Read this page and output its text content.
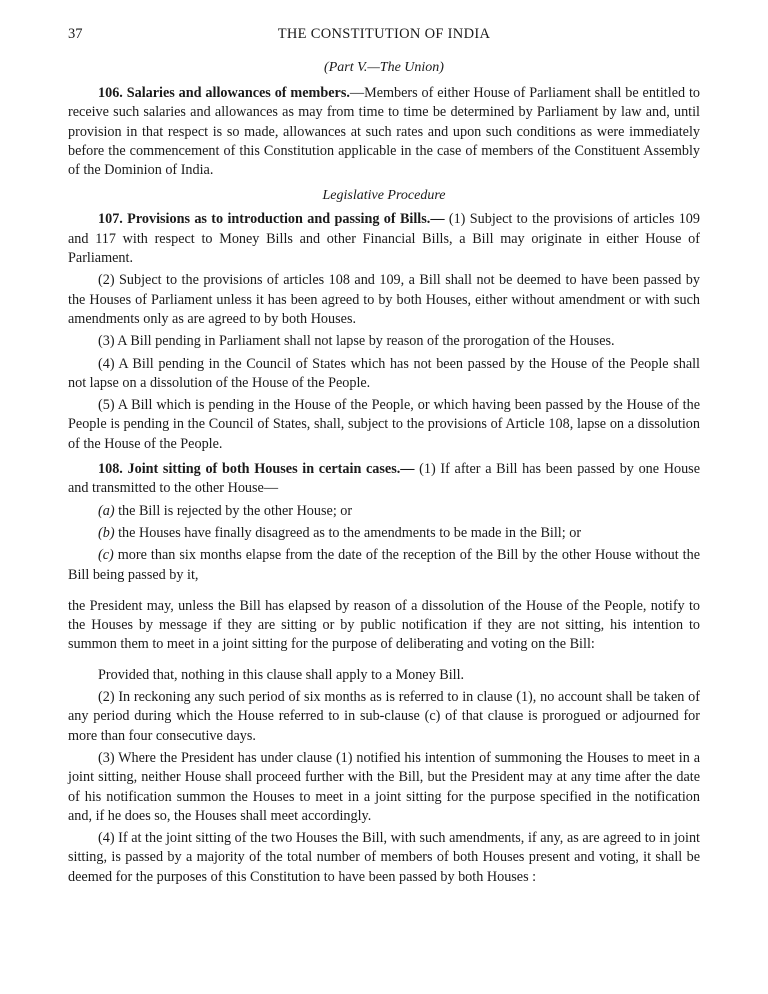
37	THE CONSTITUTION OF INDIA
(Part V.—The Union)

106. Salaries and allowances of members.—Members of either House of Parliament shall be entitled to receive such salaries and allowances as may from time to time be determined by Parliament by law and, until provision in that respect is so made, allowances at such rates and upon such conditions as were immediately before the commencement of this Constitution applicable in the case of members of the Constituent Assembly of the Dominion of India.

Legislative Procedure

107. Provisions as to introduction and passing of Bills.— (1) Subject to the provisions of articles 109 and 117 with respect to Money Bills and other Financial Bills, a Bill may originate in either House of Parliament.

(2) Subject to the provisions of articles 108 and 109, a Bill shall not be deemed to have been passed by the Houses of Parliament unless it has been agreed to by both Houses, either without amendment or with such amendments only as are agreed to by both Houses.

(3) A Bill pending in Parliament shall not lapse by reason of the prorogation of the Houses.

(4) A Bill pending in the Council of States which has not been passed by the House of the People shall not lapse on a dissolution of the House of the People.

(5) A Bill which is pending in the House of the People, or which having been passed by the House of the People is pending in the Council of States, shall, subject to the provisions of Article 108, lapse on a dissolution of the House of the People.

108. Joint sitting of both Houses in certain cases.— (1) If after a Bill has been passed by one House and transmitted to the other House—

(a) the Bill is rejected by the other House; or

(b) the Houses have finally disagreed as to the amendments to be made in the Bill; or

(c) more than six months elapse from the date of the reception of the Bill by the other House without the Bill being passed by it,

the President may, unless the Bill has elapsed by reason of a dissolution of the House of the People, notify to the Houses by message if they are sitting or by public notification if they are not sitting, his intention to summon them to meet in a joint sitting for the purpose of deliberating and voting on the Bill:

Provided that, nothing in this clause shall apply to a Money Bill.

(2) In reckoning any such period of six months as is referred to in clause (1), no account shall be taken of any period during which the House referred to in sub-clause (c) of that clause is prorogued or adjourned for more than four consecutive days.

(3) Where the President has under clause (1) notified his intention of summoning the Houses to meet in a joint sitting, neither House shall proceed further with the Bill, but the President may at any time after the date of his notification summon the Houses to meet in a joint sitting for the purpose specified in the notification and, if he does so, the Houses shall meet accordingly.

(4) If at the joint sitting of the two Houses the Bill, with such amendments, if any, as are agreed to in joint sitting, is passed by a majority of the total number of members of both Houses present and voting, it shall be deemed for the purposes of this Constitution to have been passed by both Houses :
